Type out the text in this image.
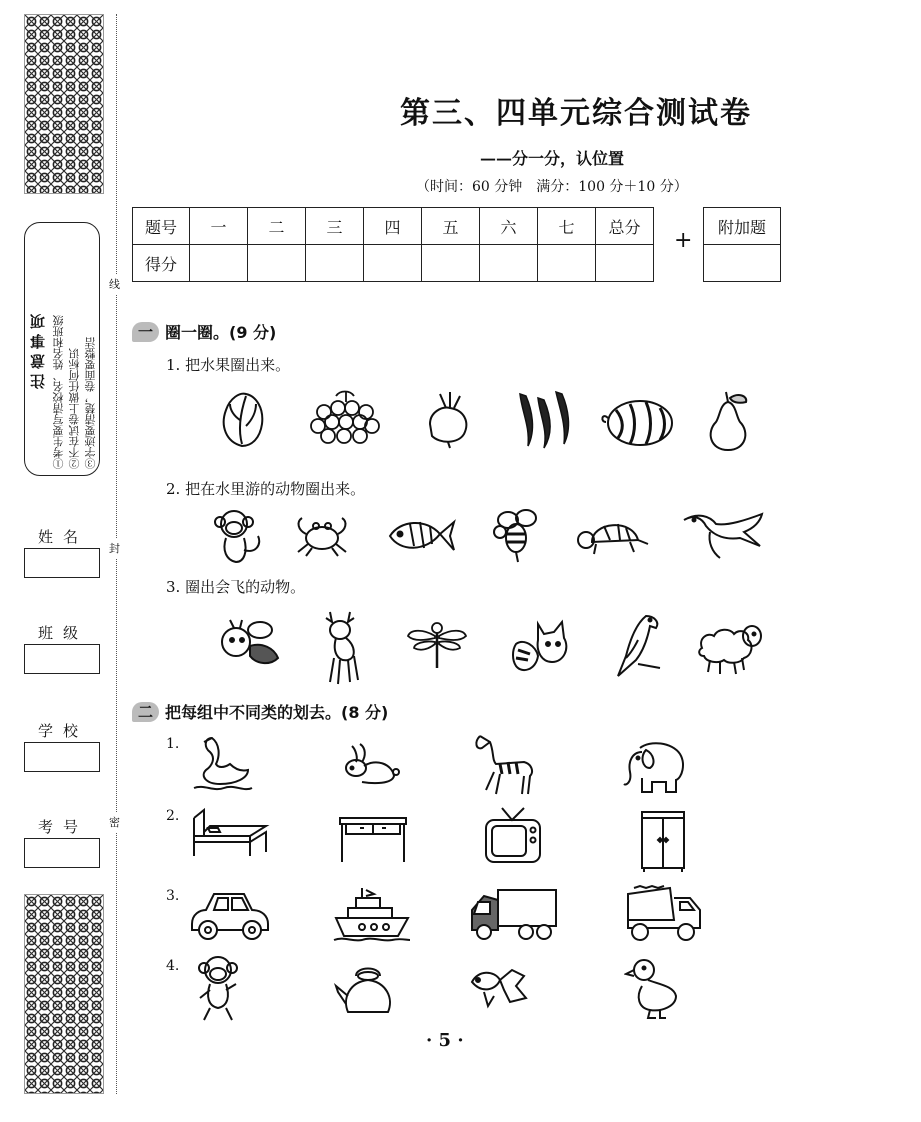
注意事项 ①考生要写清校名、姓名和班级 ②不在试卷上做任何标识 ③字迹要清楚，卷面要整洁
姓名
班级
学校
考号
线
封
密
第三、四单元综合测试卷
——分一分，认位置
（时间：60 分钟　满分：100 分＋10 分）
题号	一	二	三	四	五	六	七	总分
得分								
+
附加题

一 圈一圈。(9 分)
1. 把水果圈出来。
2. 把在水里游的动物圈出来。
3. 圈出会飞的动物。
二 把每组中不同类的划去。(8 分)
1.
2.
3.
4.
· 5 ·
